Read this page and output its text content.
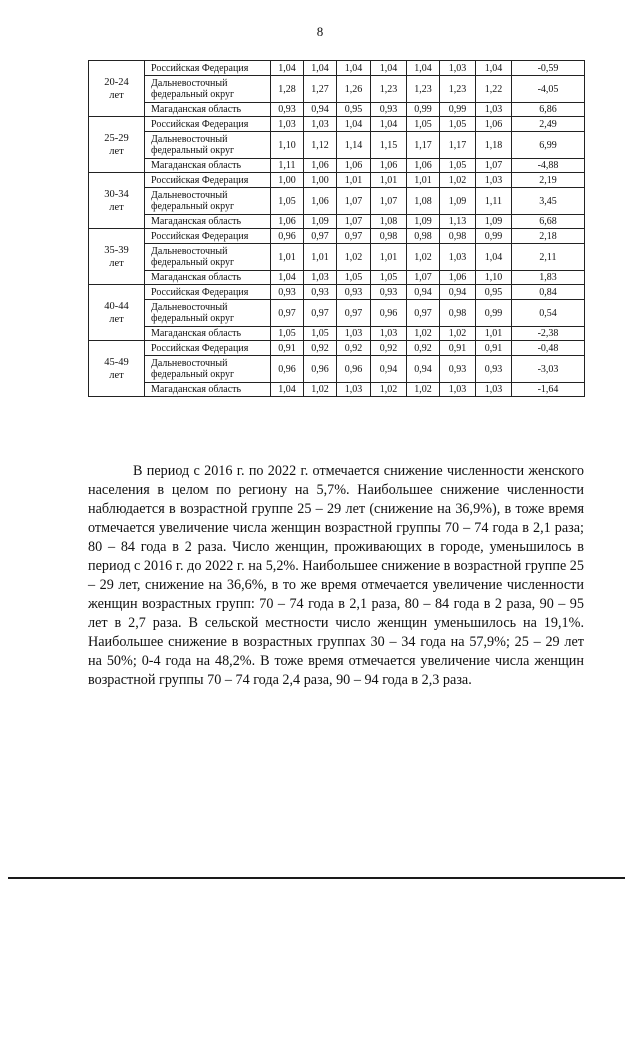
8
20-24
лет	Российская Федерация	1,04	1,04	1,04	1,04	1,04	1,03	1,04	-0,59
	Дальневосточный федеральный округ	1,28	1,27	1,26	1,23	1,23	1,23	1,22	-4,05
	Магаданская область	0,93	0,94	0,95	0,93	0,99	0,99	1,03	6,86
25-29
лет	Российская Федерация	1,03	1,03	1,04	1,04	1,05	1,05	1,06	2,49
	Дальневосточный федеральный округ	1,10	1,12	1,14	1,15	1,17	1,17	1,18	6,99
	Магаданская область	1,11	1,06	1,06	1,06	1,06	1,05	1,07	-4,88
30-34
лет	Российская Федерация	1,00	1,00	1,01	1,01	1,01	1,02	1,03	2,19
	Дальневосточный федеральный округ	1,05	1,06	1,07	1,07	1,08	1,09	1,11	3,45
	Магаданская область	1,06	1,09	1,07	1,08	1,09	1,13	1,09	6,68
35-39
лет	Российская Федерация	0,96	0,97	0,97	0,98	0,98	0,98	0,99	2,18
	Дальневосточный федеральный округ	1,01	1,01	1,02	1,01	1,02	1,03	1,04	2,11
	Магаданская область	1,04	1,03	1,05	1,05	1,07	1,06	1,10	1,83
40-44
лет	Российская Федерация	0,93	0,93	0,93	0,93	0,94	0,94	0,95	0,84
	Дальневосточный федеральный округ	0,97	0,97	0,97	0,96	0,97	0,98	0,99	0,54
	Магаданская область	1,05	1,05	1,03	1,03	1,02	1,02	1,01	-2,38
45-49
лет	Российская Федерация	0,91	0,92	0,92	0,92	0,92	0,91	0,91	-0,48
	Дальневосточный федеральный округ	0,96	0,96	0,96	0,94	0,94	0,93	0,93	-3,03
	Магаданская область	1,04	1,02	1,03	1,02	1,02	1,03	1,03	-1,64

В период с 2016 г. по 2022 г. отмечается снижение численности женского населения в целом по региону на 5,7%. Наибольшее снижение численности наблюдается в возрастной группе 25 – 29 лет (снижение на 36,9%), в тоже время отмечается увеличение числа женщин возрастной группы 70 – 74 года в 2,1 раза; 80 – 84 года в 2 раза. Число женщин, проживающих в городе, уменьшилось в период с 2016 г. до 2022 г. на 5,2%. Наибольшее снижение в возрастной группе 25 – 29 лет, снижение на 36,6%, в то же время отмечается увеличение численности женщин возрастных групп: 70 – 74 года в 2,1 раза, 80 – 84 года в 2 раза, 90 – 95 лет в 2,7 раза. В сельской местности число женщин уменьшилось на 19,1%. Наибольшее снижение в возрастных группах 30 – 34 года на 57,9%; 25 – 29 лет на 50%; 0-4 года на 48,2%. В тоже время отмечается увеличение числа женщин возрастной группы 70 – 74 года 2,4 раза, 90 – 94 года в 2,3 раза.
